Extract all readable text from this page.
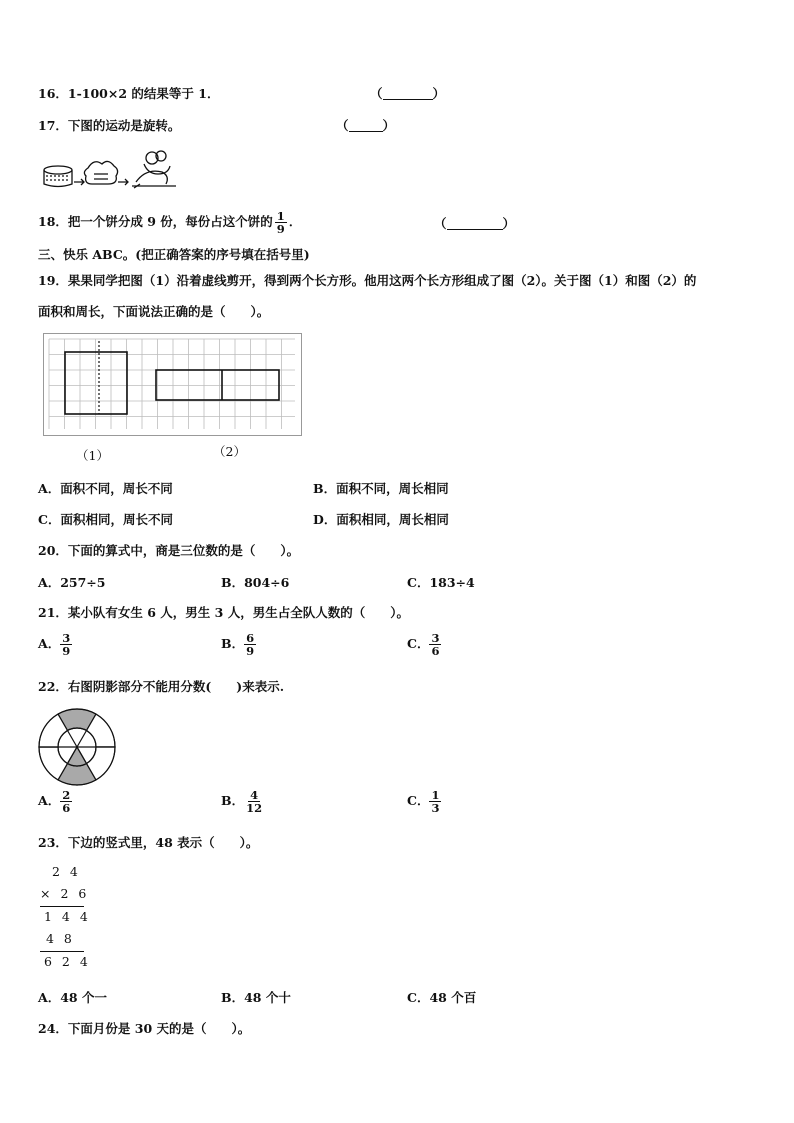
16．1-100×2 的结果等于 1．	（	）
17．下图的运动是旋转。	（	）
18．把一个饼分成 9 份，每份占这个饼的 $\frac{1}{9}$ ．	（	）
三、快乐 ABC。(把正确答案的序号填在括号里)
19．果果同学把图（1）沿着虚线剪开，得到两个长方形。他用这两个长方形组成了图（2）。关于图（1）和图（2）的
面积和周长，下面说法正确的是（　　）。
（1）	（2）
A．面积不同，周长不同	B．面积不同，周长相同
C．面积相同，周长不同	D．面积相同，周长相同
20．下面的算式中，商是三位数的是（　　）。
A．257÷5	B．804÷6	C．183÷4
21．某小队有女生 6 人，男生 3 人，男生占全队人数的（　　）。
A． $\frac{3}{9}$	B． $\frac{6}{9}$	C． $\frac{3}{6}$
22．右图阴影部分不能用分数(　　)来表示.
A． $\frac{2}{6}$	B． $\frac{4}{12}$	C． $\frac{1}{3}$
23．下边的竖式里，48 表示（　　）。
2 4
× 2 6
1 4 4
4 8
6 2 4
A．48 个一	B．48 个十	C．48 个百
24．下面月份是 30 天的是（　　）。
